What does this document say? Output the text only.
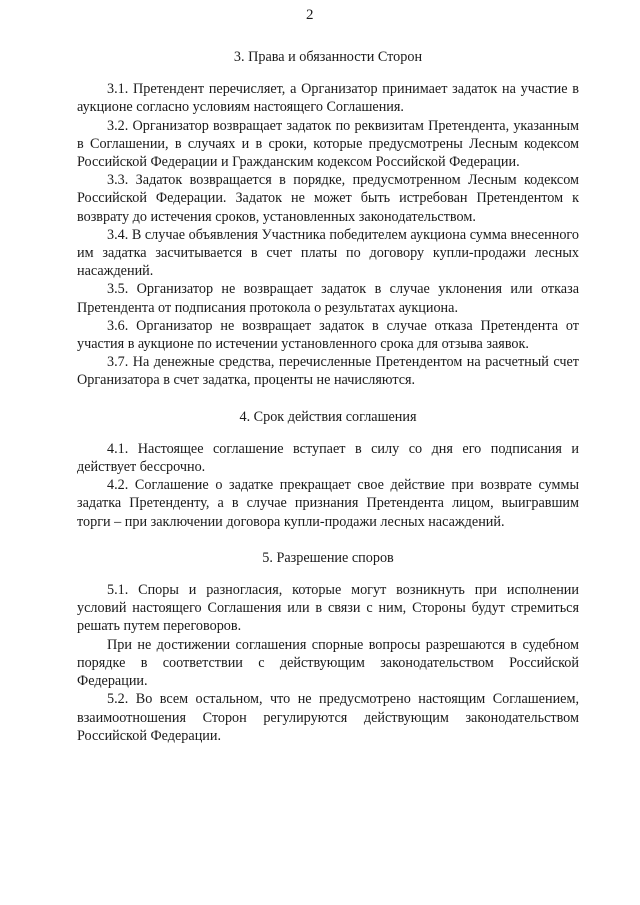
2
3. Права и обязанности Сторон

3.1. Претендент перечисляет, а Организатор принимает задаток на участие в аукционе согласно условиям настоящего Соглашения.

3.2. Организатор возвращает задаток по реквизитам Претендента, указанным в Соглашении, в случаях и в сроки, которые предусмотрены Лесным кодексом Российской Федерации и Гражданским кодексом Российской Федерации.

3.3. Задаток возвращается в порядке, предусмотренном Лесным кодексом Российской Федерации. Задаток не может быть истребован Претендентом к возврату до истечения сроков, установленных законодательством.

3.4. В случае объявления Участника победителем аукциона сумма внесенного им задатка засчитывается в счет платы по договору купли-продажи лесных насаждений.

3.5. Организатор не возвращает задаток в случае уклонения или отказа Претендента от подписания протокола о результатах аукциона.

3.6. Организатор не возвращает задаток в случае отказа Претендента от участия в аукционе по истечении установленного срока для отзыва заявок.

3.7. На денежные средства, перечисленные Претендентом на расчетный счет Организатора в счет задатка, проценты не начисляются.

4. Срок действия соглашения

4.1. Настоящее соглашение вступает в силу со дня его подписания и действует бессрочно.

4.2. Соглашение о задатке прекращает свое действие при возврате суммы задатка Претенденту, а в случае признания Претендента лицом, выигравшим торги – при заключении договора купли-продажи лесных насаждений.

5. Разрешение споров

5.1. Споры и разногласия, которые могут возникнуть при исполнении условий настоящего Соглашения или в связи с ним, Стороны будут стремиться решать путем переговоров.

При не достижении соглашения спорные вопросы разрешаются в судебном порядке в соответствии с действующим законодательством Российской Федерации.

5.2. Во всем остальном, что не предусмотрено настоящим Соглашением, взаимоотношения Сторон регулируются действующим законодательством Российской Федерации.
